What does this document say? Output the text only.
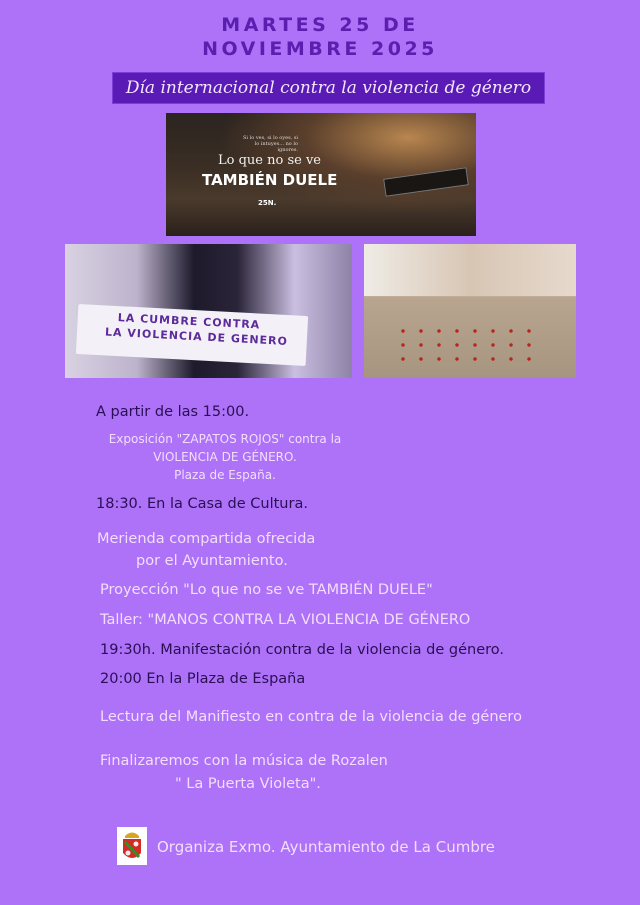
MARTES 25 DE
NOVIEMBRE 2025
Día internacional contra la violencia de género
Si lo ves, si lo oyes, si lo intuyes... no lo ignores.
Lo que no se ve
TAMBIÉN DUELE
25N.
LA CUMBRE CONTRA
LA VIOLENCIA DE GENERO
A partir de las 15:00.
Exposición "ZAPATOS ROJOS" contra la
VIOLENCIA DE GÉNERO.
Plaza de España.
18:30. En la Casa de Cultura.
Merienda compartida ofrecida
por el Ayuntamiento.
Proyección "Lo que no se ve TAMBIÉN DUELE"
Taller: "MANOS CONTRA LA VIOLENCIA DE GÉNERO
19:30h. Manifestación contra de la violencia de género.
20:00 En la Plaza de España
Lectura del Manifiesto en contra de la violencia de género
Finalizaremos con la música de Rozalen
" La Puerta Violeta".
Organiza Exmo. Ayuntamiento de La Cumbre
